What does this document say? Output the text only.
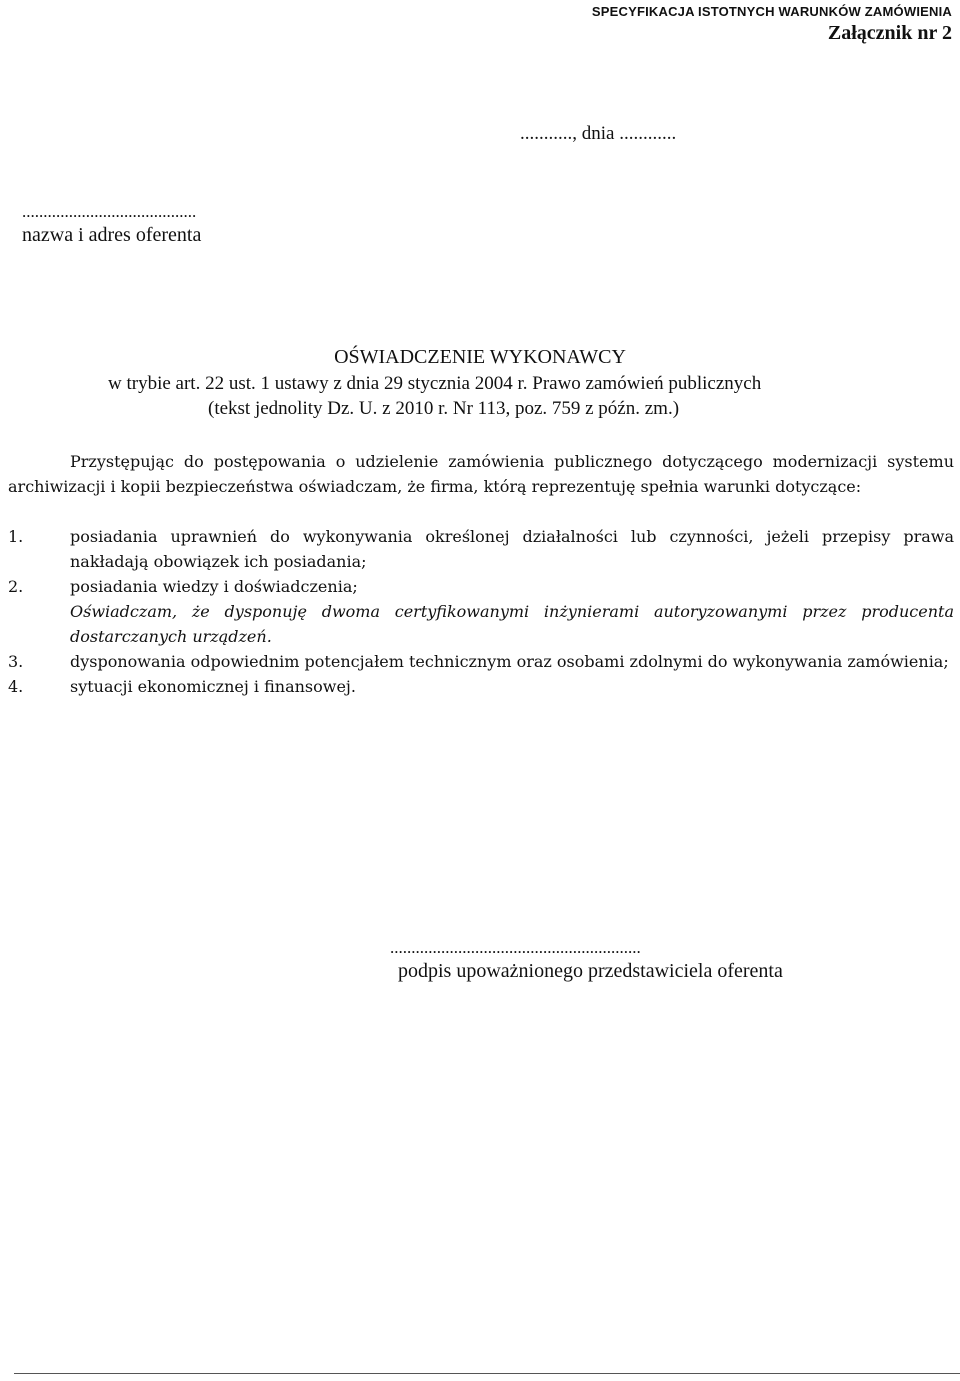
SPECYFIKACJA ISTOTNYCH WARUNKÓW ZAMÓWIENIA
Załącznik nr 2
..........., dnia ............
.........................................
nazwa i adres oferenta
OŚWIADCZENIE WYKONAWCY
w trybie art. 22 ust. 1 ustawy z dnia 29 stycznia 2004 r. Prawo zamówień publicznych
(tekst jednolity Dz. U. z 2010 r. Nr 113, poz. 759 z późn. zm.)

Przystępując do postępowania o udzielenie zamówienia publicznego dotyczącego modernizacji systemu archiwizacji i kopii bezpieczeństwa oświadczam, że firma, którą reprezentuję spełnia warunki dotyczące:

1.	posiadania uprawnień do wykonywania określonej działalności lub czynności, jeżeli przepisy prawa nakładają obowiązek ich posiadania;
2.	posiadania wiedzy i doświadczenia;
Oświadczam, że dysponuję dwoma certyfikowanymi inżynierami autoryzowanymi przez producenta dostarczanych urządzeń.
3.	dysponowania odpowiednim potencjałem technicznym oraz osobami zdolnymi do wykonywania zamówienia;
4.	sytuacji ekonomicznej i finansowej.
...........................................................
podpis upoważnionego przedstawiciela oferenta
